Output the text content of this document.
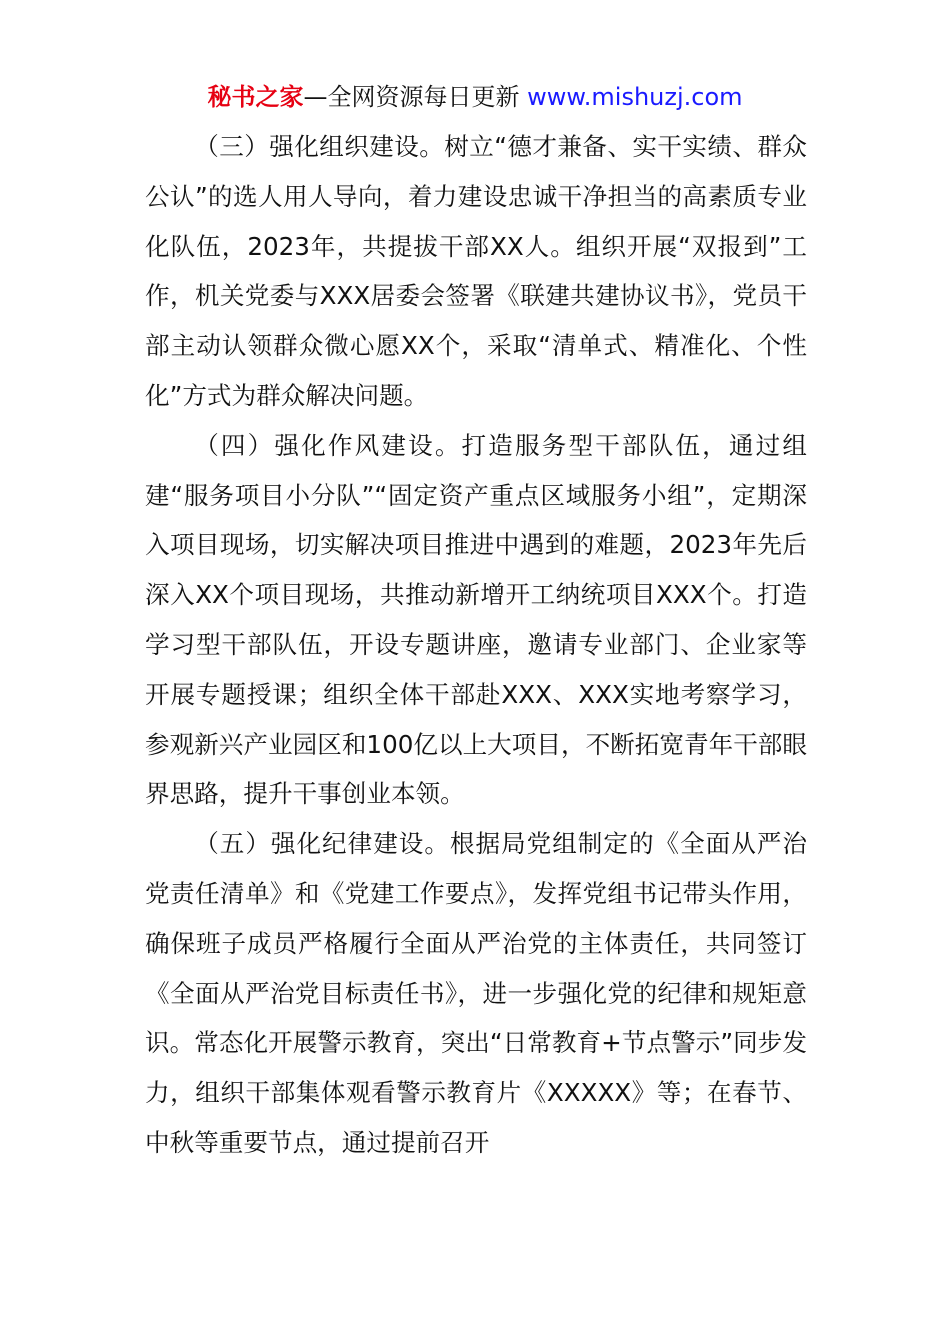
秘书之家—全网资源每日更新 www.mishuzj.com

（三）强化组织建设。树立“德才兼备、实干实绩、群众公认”的选人用人导向，着力建设忠诚干净担当的高素质专业化队伍，2023年，共提拔干部XX人。组织开展“双报到”工作，机关党委与XXX居委会签署《联建共建协议书》，党员干部主动认领群众微心愿XX个，采取“清单式、精准化、个性化”方式为群众解决问题。

（四）强化作风建设。打造服务型干部队伍，通过组建“服务项目小分队”“固定资产重点区域服务小组”，定期深入项目现场，切实解决项目推进中遇到的难题，2023年先后深入XX个项目现场，共推动新增开工纳统项目XXX个。打造学习型干部队伍，开设专题讲座，邀请专业部门、企业家等开展专题授课；组织全体干部赴XXX、XXX实地考察学习，参观新兴产业园区和100亿以上大项目，不断拓宽青年干部眼界思路，提升干事创业本领。

（五）强化纪律建设。根据局党组制定的《全面从严治党责任清单》和《党建工作要点》，发挥党组书记带头作用，确保班子成员严格履行全面从严治党的主体责任，共同签订《全面从严治党目标责任书》，进一步强化党的纪律和规矩意识。常态化开展警示教育，突出“日常教育+节点警示”同步发力，组织干部集体观看警示教育片《XXXXX》等；在春节、中秋等重要节点，通过提前召开
